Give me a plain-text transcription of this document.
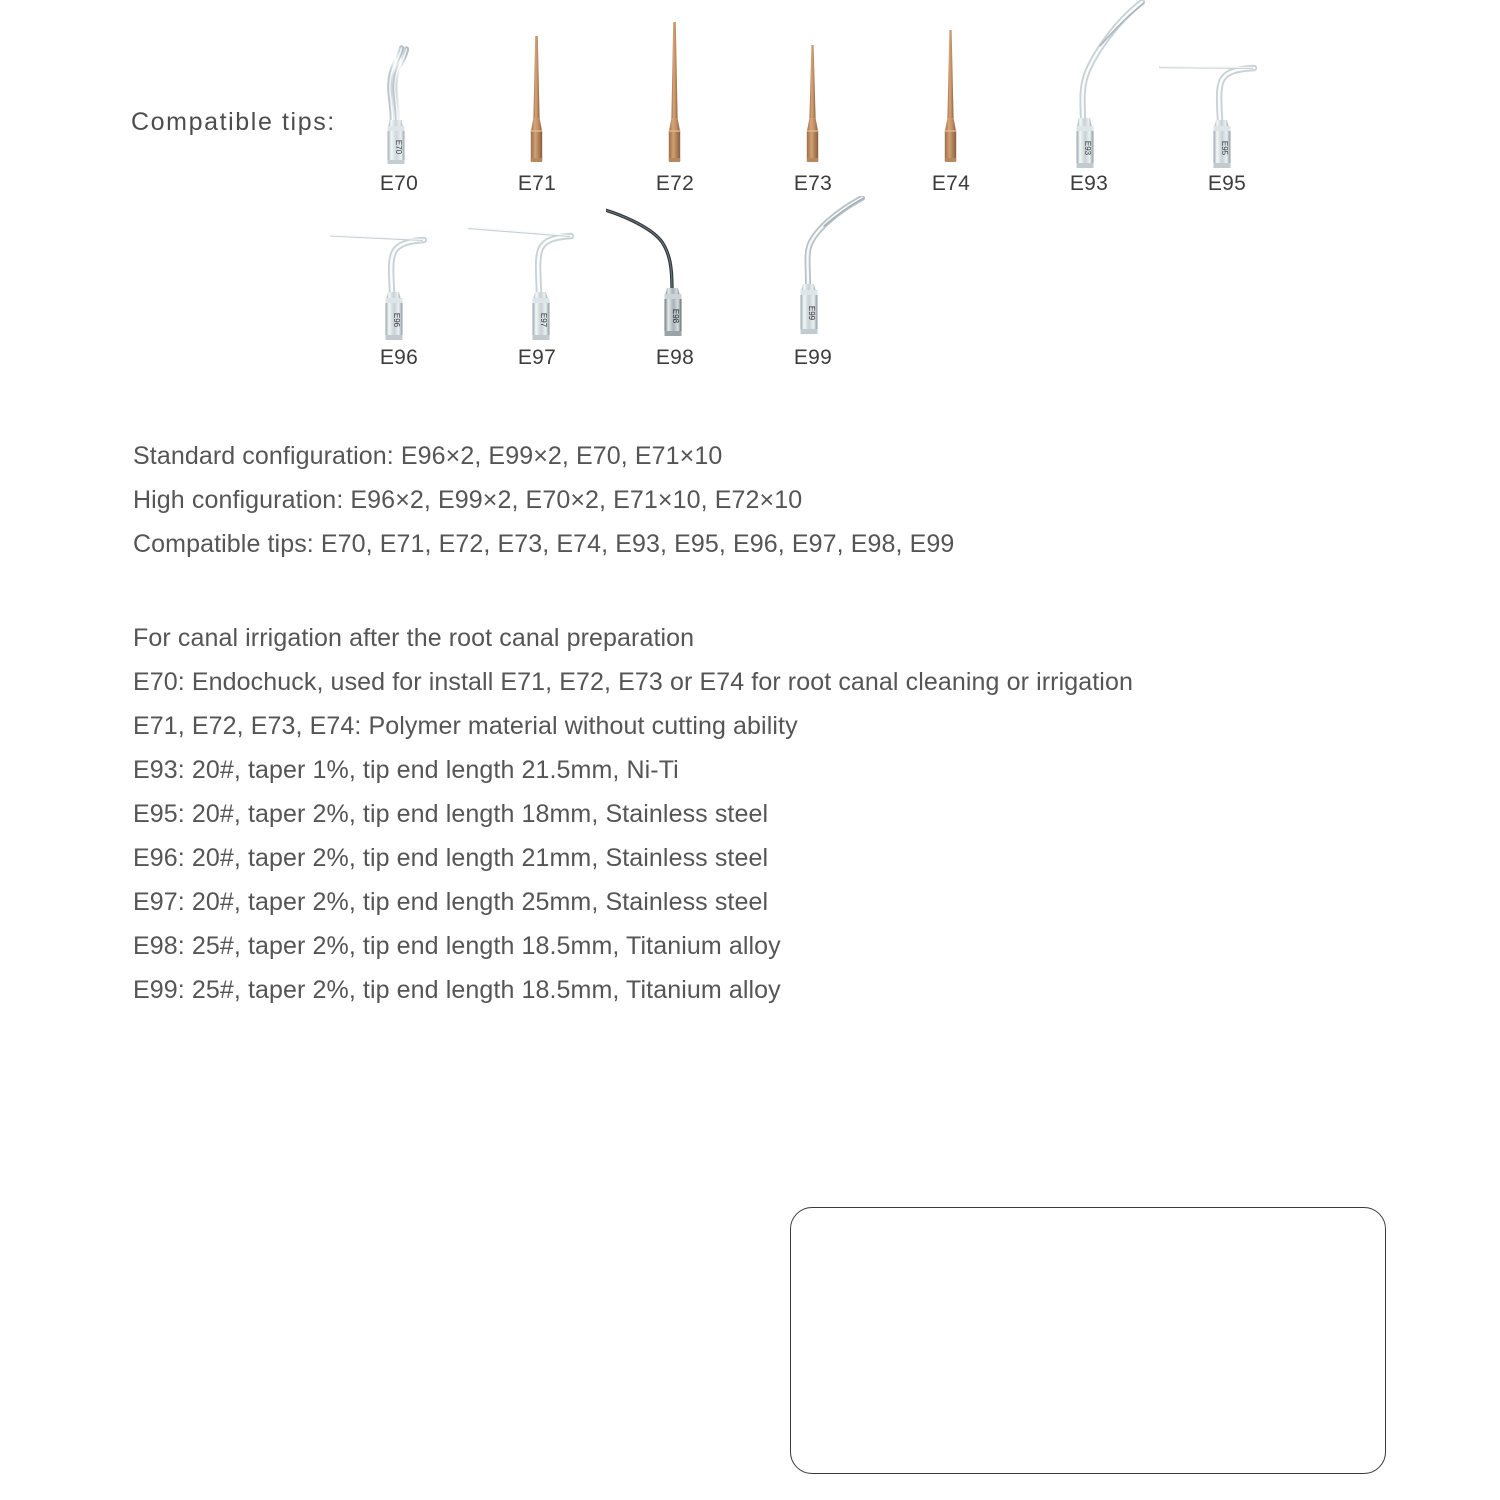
Compatible tips:
E70
E70	E71	E72	E73	E74
E93
E93
E95
E95
E96
E96
E97
E97
E98
E98
E99
E99
Standard configuration: E96×2, E99×2, E70, E71×10
High configuration: E96×2, E99×2, E70×2, E71×10, E72×10
Compatible tips: E70, E71, E72, E73, E74, E93, E95, E96, E97, E98, E99
For canal irrigation after the root canal preparation
E70: Endochuck, used for install E71, E72, E73 or E74 for root canal cleaning or irrigation
E71, E72, E73, E74: Polymer material without cutting ability
E93: 20#, taper 1%, tip end length 21.5mm, Ni-Ti
E95: 20#, taper 2%, tip end length 18mm, Stainless steel
E96: 20#, taper 2%, tip end length 21mm, Stainless steel
E97: 20#, taper 2%, tip end length 25mm, Stainless steel
E98: 25#, taper 2%, tip end length 18.5mm, Titanium alloy
E99: 25#, taper 2%, tip end length 18.5mm, Titanium alloy
